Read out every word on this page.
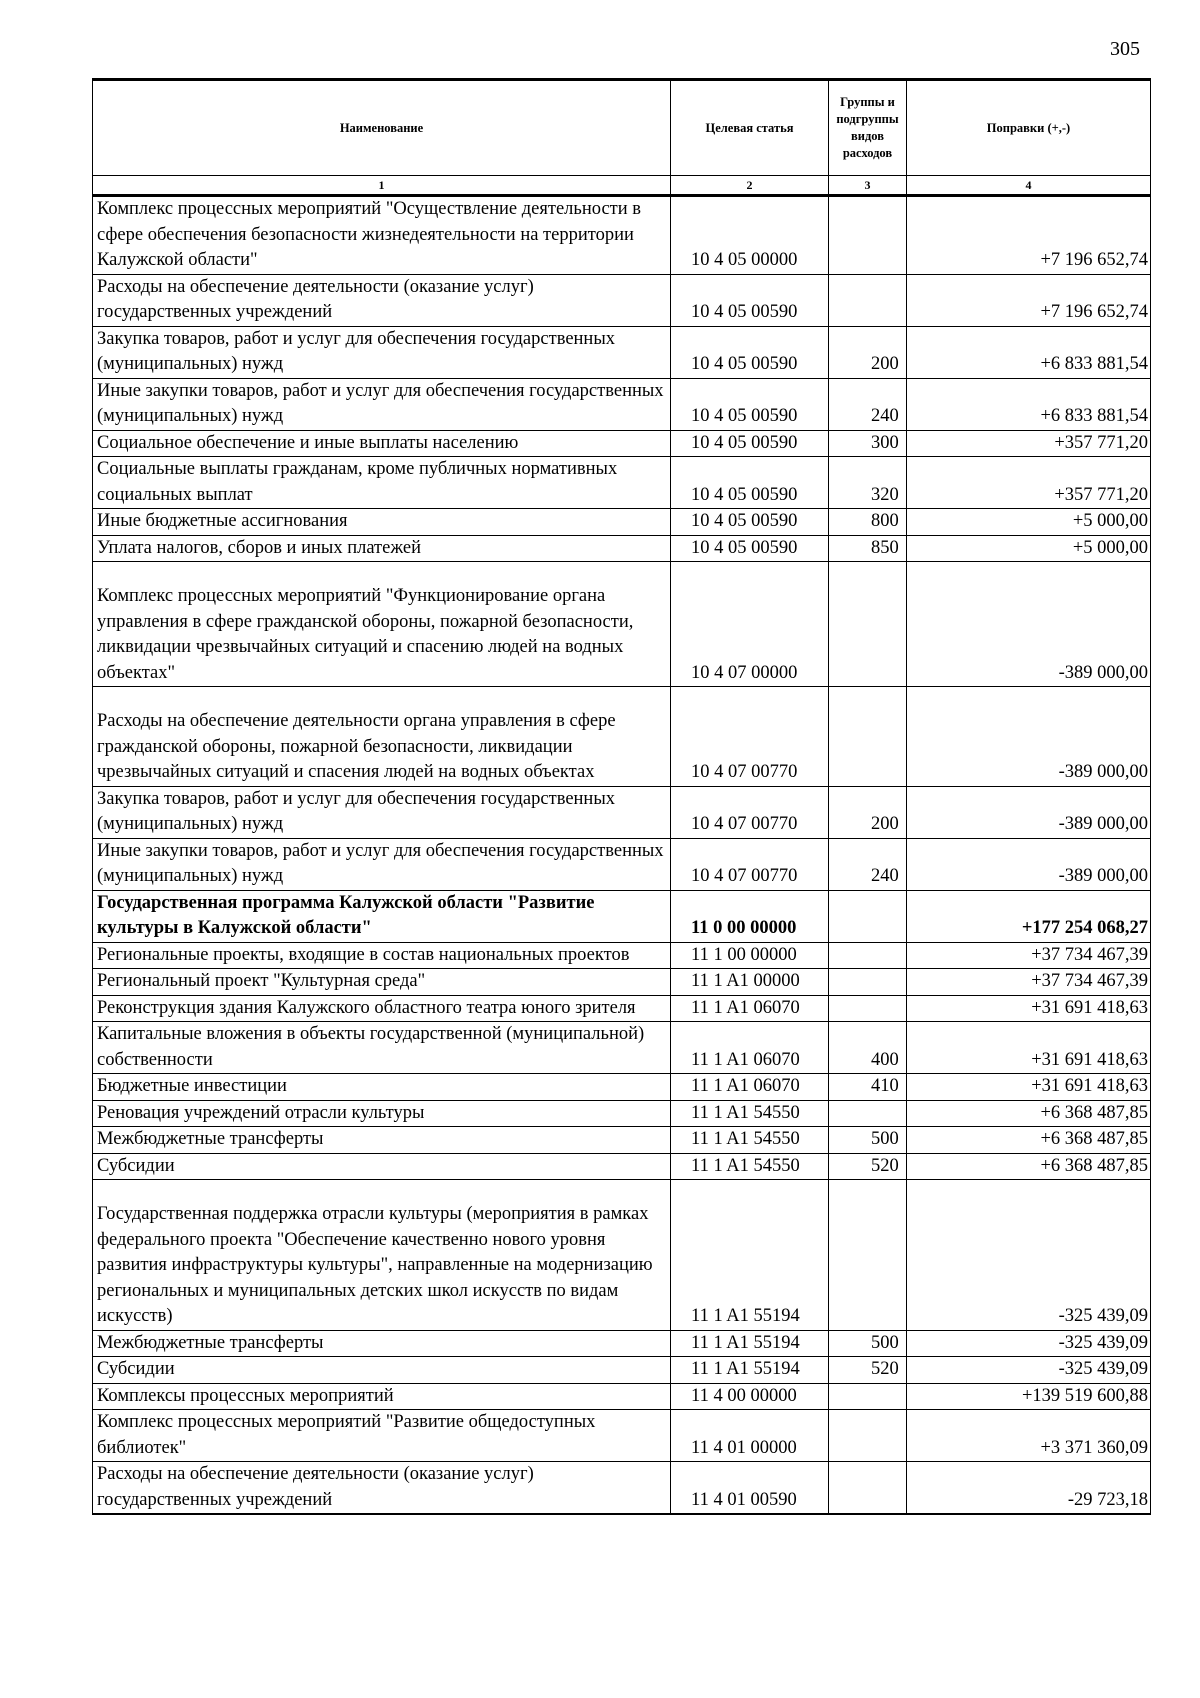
305
Наименование	Целевая статья	Группы и подгруппы видов расходов	Поправки (+,-)
1	2	3	4
Комплекс процессных мероприятий "Осуществление деятельности в сфере обеспечения безопасности жизнедеятельности на территории Калужской области"	10 4 05 00000		+7 196 652,74
Расходы на обеспечение деятельности (оказание услуг) государственных учреждений	10 4 05 00590		+7 196 652,74
Закупка товаров, работ и услуг для обеспечения государственных (муниципальных) нужд	10 4 05 00590	200	+6 833 881,54
Иные закупки товаров, работ и услуг для обеспечения государственных (муниципальных) нужд	10 4 05 00590	240	+6 833 881,54
Социальное обеспечение и иные выплаты населению	10 4 05 00590	300	+357 771,20
Социальные выплаты гражданам, кроме публичных нормативных социальных выплат	10 4 05 00590	320	+357 771,20
Иные бюджетные ассигнования	10 4 05 00590	800	+5 000,00
Уплата налогов, сборов и иных платежей	10 4 05 00590	850	+5 000,00
Комплекс процессных мероприятий "Функционирование органа управления в сфере гражданской обороны, пожарной безопасности, ликвидации чрезвычайных ситуаций и спасению людей на водных объектах"	10 4 07 00000		-389 000,00
Расходы на обеспечение деятельности органа управления в сфере гражданской обороны, пожарной безопасности, ликвидации чрезвычайных ситуаций и спасения людей на водных объектах	10 4 07 00770		-389 000,00
Закупка товаров, работ и услуг для обеспечения государственных (муниципальных) нужд	10 4 07 00770	200	-389 000,00
Иные закупки товаров, работ и услуг для обеспечения государственных (муниципальных) нужд	10 4 07 00770	240	-389 000,00
Государственная программа Калужской области "Развитие культуры в Калужской области"	11 0 00 00000		+177 254 068,27
Региональные проекты, входящие в состав национальных проектов	11 1 00 00000		+37 734 467,39
Региональный проект "Культурная среда"	11 1 A1 00000		+37 734 467,39
Реконструкция здания Калужского областного театра юного зрителя	11 1 A1 06070		+31 691 418,63
Капитальные вложения в объекты государственной (муниципальной) собственности	11 1 A1 06070	400	+31 691 418,63
Бюджетные инвестиции	11 1 A1 06070	410	+31 691 418,63
Реновация учреждений отрасли культуры	11 1 A1 54550		+6 368 487,85
Межбюджетные трансферты	11 1 A1 54550	500	+6 368 487,85
Субсидии	11 1 A1 54550	520	+6 368 487,85
Государственная поддержка отрасли культуры (мероприятия в рамках федерального проекта "Обеспечение качественно нового уровня развития инфраструктуры культуры", направленные на модернизацию региональных и муниципальных детских школ искусств по видам искусств)	11 1 A1 55194		-325 439,09
Межбюджетные трансферты	11 1 A1 55194	500	-325 439,09
Субсидии	11 1 A1 55194	520	-325 439,09
Комплексы процессных мероприятий	11 4 00 00000		+139 519 600,88
Комплекс процессных мероприятий "Развитие общедоступных библиотек"	11 4 01 00000		+3 371 360,09
Расходы на обеспечение деятельности (оказание услуг) государственных учреждений	11 4 01 00590		-29 723,18
